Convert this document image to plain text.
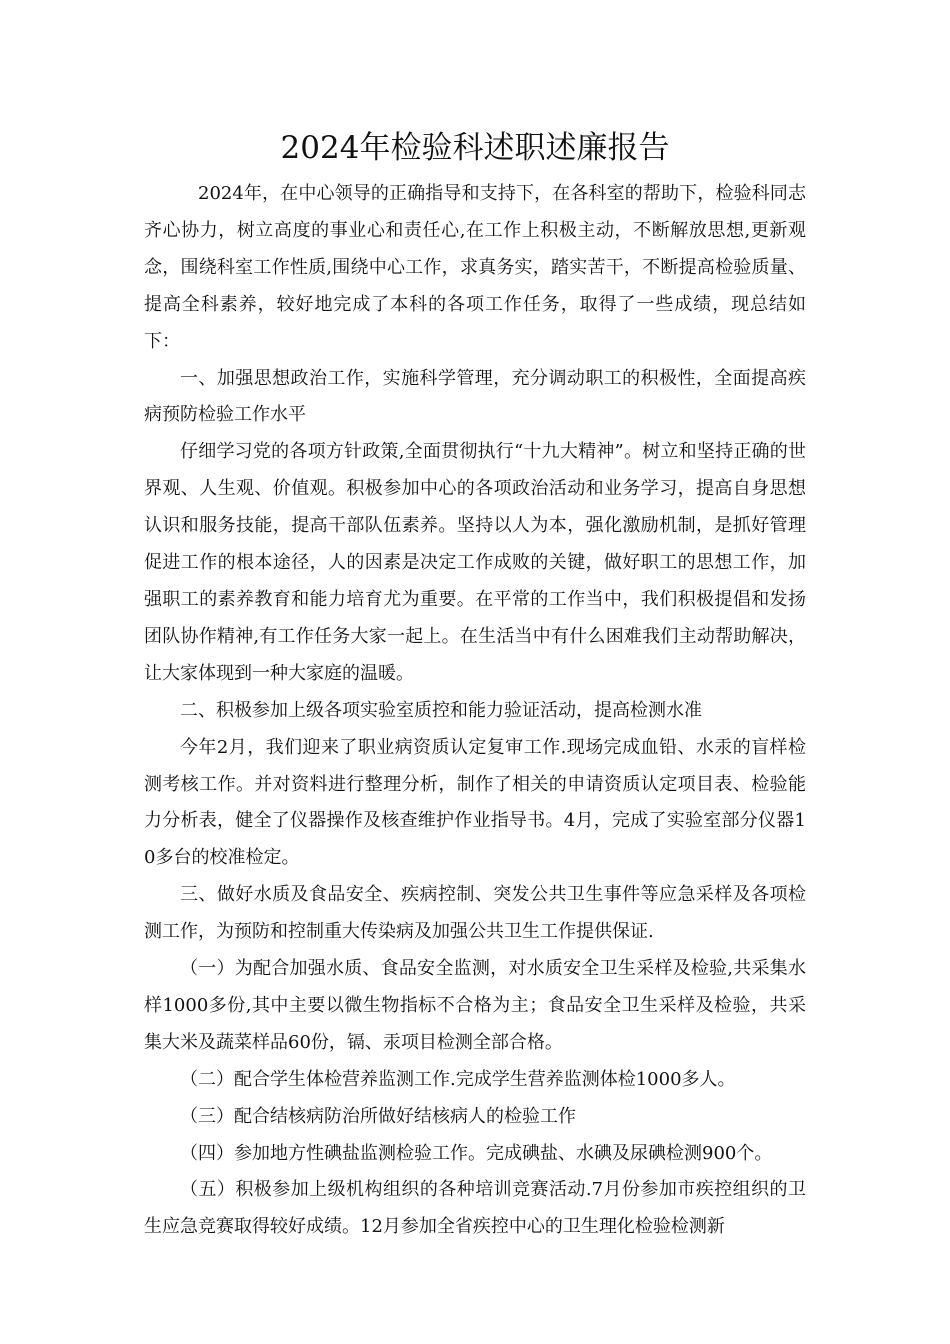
2024年检验科述职述廉报告

2024年，在中心领导的正确指导和支持下，在各科室的帮助下，检验科同志齐心协力，树立高度的事业心和责任心,在工作上积极主动，不断解放思想,更新观念，围绕科室工作性质,围绕中心工作，求真务实，踏实苦干，不断提高检验质量、提高全科素养，较好地完成了本科的各项工作任务，取得了一些成绩，现总结如下：

一、加强思想政治工作，实施科学管理，充分调动职工的积极性，全面提高疾病预防检验工作水平

仔细学习党的各项方针政策,全面贯彻执行“十九大精神”。树立和坚持正确的世界观、人生观、价值观。积极参加中心的各项政治活动和业务学习，提高自身思想认识和服务技能，提高干部队伍素养。坚持以人为本，强化激励机制，是抓好管理促进工作的根本途径，人的因素是决定工作成败的关键，做好职工的思想工作，加强职工的素养教育和能力培育尤为重要。在平常的工作当中，我们积极提倡和发扬团队协作精神,有工作任务大家一起上。在生活当中有什么困难我们主动帮助解决，让大家体现到一种大家庭的温暖。

二、积极参加上级各项实验室质控和能力验证活动，提高检测水准

今年2月，我们迎来了职业病资质认定复审工作.现场完成血铅、水汞的盲样检测考核工作。并对资料进行整理分析，制作了相关的申请资质认定项目表、检验能力分析表，健全了仪器操作及核查维护作业指导书。4月，完成了实验室部分仪器10多台的校准检定。

三、做好水质及食品安全、疾病控制、突发公共卫生事件等应急采样及各项检测工作，为预防和控制重大传染病及加强公共卫生工作提供保证.

（一）为配合加强水质、食品安全监测，对水质安全卫生采样及检验,共采集水样1000多份,其中主要以微生物指标不合格为主；食品安全卫生采样及检验，共采集大米及蔬菜样品60份，镉、汞项目检测全部合格。

（二）配合学生体检营养监测工作.完成学生营养监测体检1000多人。

（三）配合结核病防治所做好结核病人的检验工作

（四）参加地方性碘盐监测检验工作。完成碘盐、水碘及尿碘检测900个。

（五）积极参加上级机构组织的各种培训竞赛活动.7月份参加市疾控组织的卫生应急竞赛取得较好成绩。12月参加全省疾控中心的卫生理化检验检测新
